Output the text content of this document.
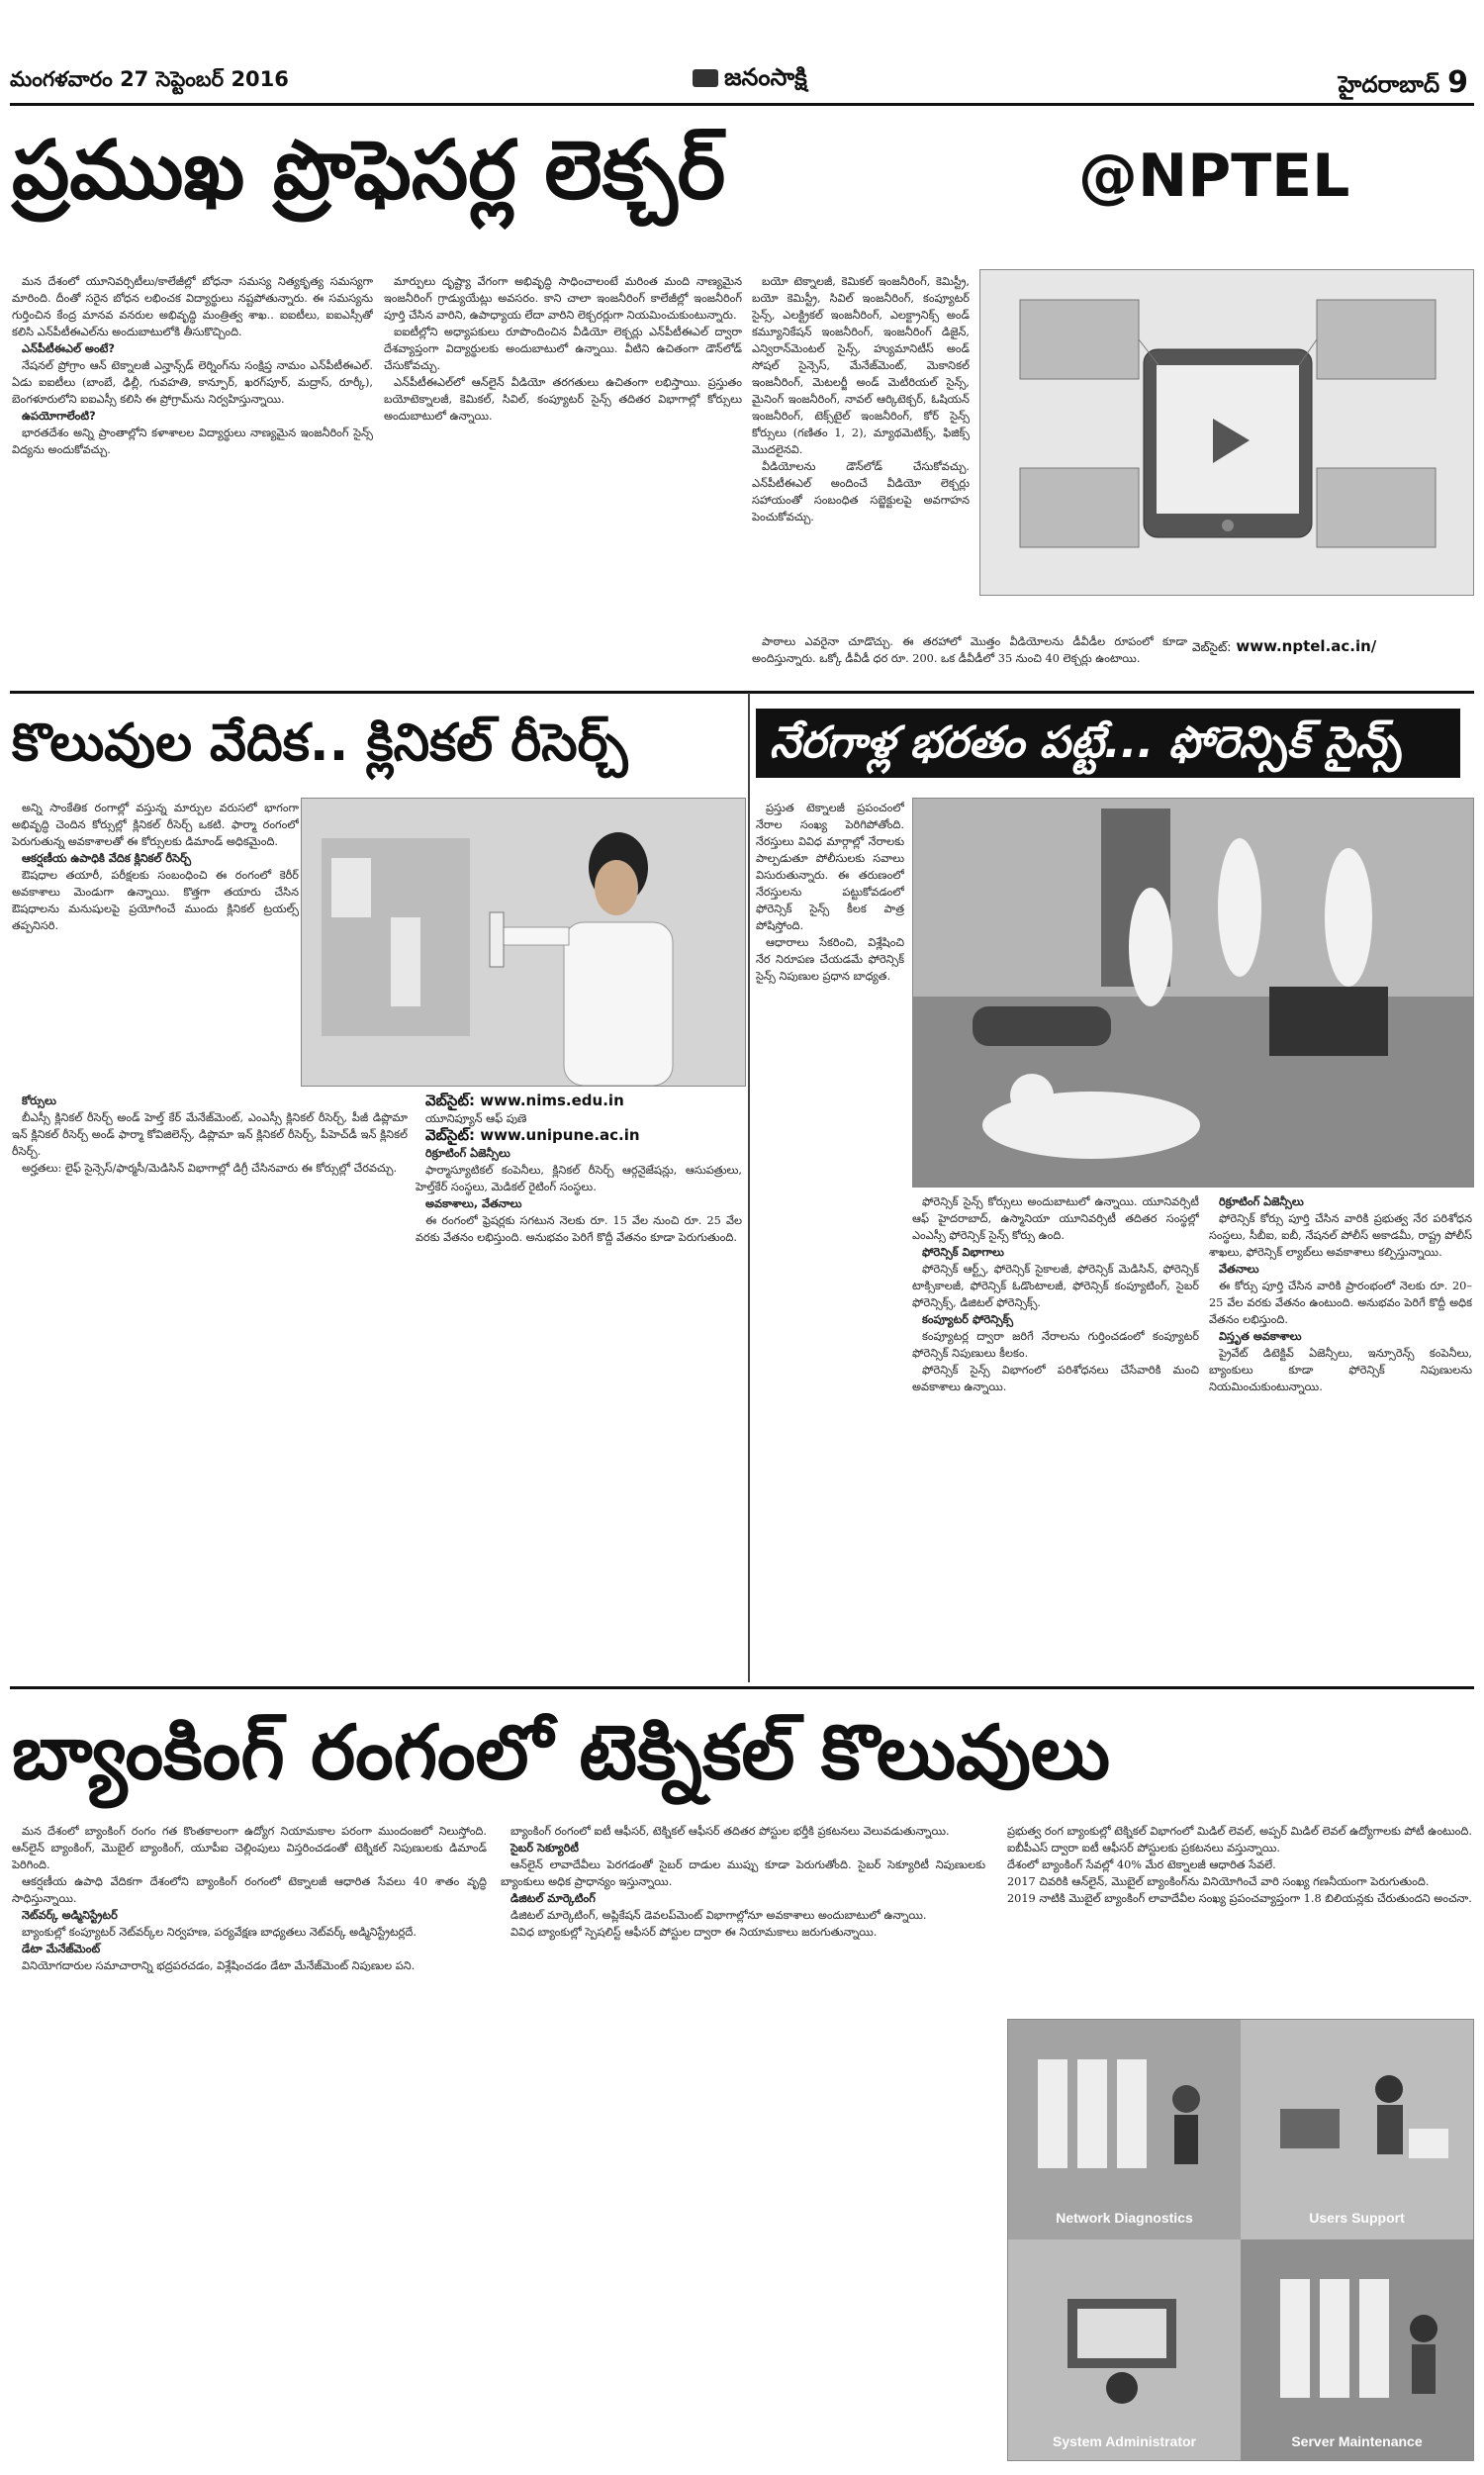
మంగళవారం 27 సెప్టెంబర్ 2016	జనంసాక్షి	హైదరాబాద్ 9
ప్రముఖ ప్రొఫెసర్ల లెక్చర్	@NPTEL

మన దేశంలో యూనివర్సిటీలు/కాలేజీల్లో బోధనా సమస్య నిత్యకృత్య సమస్యగా మారింది. దీంతో సరైన బోధన లభించక విద్యార్థులు నష్టపోతున్నారు. ఈ సమస్యను గుర్తించిన కేంద్ర మానవ వనరుల అభివృద్ధి మంత్రిత్వ శాఖ.. ఐఐటీలు, ఐఐఎస్సీతో కలిసి ఎన్‌పీటీఈఎల్‌ను అందుబాటులోకి తీసుకొచ్చింది.

ఎన్‌పీటీఈఎల్ అంటే?

నేషనల్ ప్రోగ్రాం ఆన్ టెక్నాలజీ ఎన్హాన్స్‌డ్ లెర్నింగ్‌ను సంక్షిప్త నామం ఎన్‌పీటీఈఎల్. ఏడు ఐఐటీలు (బాంబే, ఢిల్లీ, గువహతి, కాన్పూర్, ఖరగ్‌పూర్, మద్రాస్, రూర్కీ), బెంగళూరులోని ఐఐఎస్సీ కలిసి ఈ ప్రోగ్రామ్‌ను నిర్వహిస్తున్నాయి.

ఉపయోగాలేంటి?

భారతదేశం అన్ని ప్రాంతాల్లోని కళాశాలల విద్యార్థులు నాణ్యమైన ఇంజనీరింగ్ సైన్స్ విద్యను అందుకోవచ్చు.

మార్పులు దృష్ట్యా వేగంగా అభివృద్ధి సాధించాలంటే మరింత మంది నాణ్యమైన ఇంజనీరింగ్ గ్రాడ్యుయేట్లు అవసరం. కాని చాలా ఇంజనీరింగ్ కాలేజీల్లో ఇంజనీరింగ్ పూర్తి చేసిన వారిని, ఉపాధ్యాయ లేదా వారిని లెక్చరర్లుగా నియమించుకుంటున్నారు.

ఐఐటీల్లోని అధ్యాపకులు రూపొందించిన వీడియో లెక్చర్లు ఎన్‌పీటీఈఎల్ ద్వారా దేశవ్యాప్తంగా విద్యార్థులకు అందుబాటులో ఉన్నాయి. వీటిని ఉచితంగా డౌన్‌లోడ్ చేసుకోవచ్చు.

ఎన్‌పీటీఈఎల్‌లో ఆన్‌లైన్ వీడియో తరగతులు ఉచితంగా లభిస్తాయి. ప్రస్తుతం బయోటెక్నాలజీ, కెమికల్, సివిల్, కంప్యూటర్ సైన్స్ తదితర విభాగాల్లో కోర్సులు అందుబాటులో ఉన్నాయి.

బయో టెక్నాలజీ, కెమికల్ ఇంజనీరింగ్, కెమిస్ట్రీ, బయో కెమిస్ట్రీ, సివిల్ ఇంజనీరింగ్, కంప్యూటర్ సైన్స్, ఎలక్ట్రికల్ ఇంజనీరింగ్, ఎలక్ట్రానిక్స్ అండ్ కమ్యూనికేషన్ ఇంజనీరింగ్, ఇంజనీరింగ్ డిజైన్, ఎన్విరాన్‌మెంటల్ సైన్స్, హ్యుమానిటీస్ అండ్ సోషల్ సైన్సెస్, మేనేజ్‌మెంట్, మెకానికల్ ఇంజనీరింగ్, మెటలర్జీ అండ్ మెటీరియల్ సైన్స్, మైనింగ్ ఇంజనీరింగ్, నావల్ ఆర్కిటెక్చర్, ఓషియన్ ఇంజనీరింగ్, టెక్స్‌టైల్ ఇంజనీరింగ్, కోర్ సైన్స్ కోర్సులు (గణితం 1, 2), మ్యాథమెటిక్స్, ఫిజిక్స్ మొదలైనవి.

వీడియోలను డౌన్‌లోడ్ చేసుకోవచ్చు. ఎన్‌పీటీఈఎల్ అందించే వీడియో లెక్చర్లు సహాయంతో సంబంధిత సబ్జెక్టులపై అవగాహన పెంచుకోవచ్చు.

పాఠాలు ఎవరైనా చూడొచ్చు. ఈ తరహాలో మొత్తం వీడియోలను డీవీడీల రూపంలో కూడా అందిస్తున్నారు. ఒక్కో డీవీడీ ధర రూ. 200. ఒక డీవీడీలో 35 నుంచి 40 లెక్చర్లు ఉంటాయి.

వెబ్‌సైట్: www.nptel.ac.in/
కొలువుల వేదిక.. క్లినికల్ రీసెర్చ్

అన్ని సాంకేతిక రంగాల్లో వస్తున్న మార్పుల వరుసలో భాగంగా అభివృద్ధి చెందిన కోర్సుల్లో క్లినికల్ రీసెర్చ్ ఒకటి. ఫార్మా రంగంలో పెరుగుతున్న అవకాశాలతో ఈ కోర్సులకు డిమాండ్ అధికమైంది.

ఆకర్షణీయ ఉపాధికి వేదిక క్లినికల్ రీసెర్చ్

ఔషధాల తయారీ, పరీక్షలకు సంబంధించి ఈ రంగంలో కెరీర్ అవకాశాలు మెండుగా ఉన్నాయి. కొత్తగా తయారు చేసిన ఔషధాలను మనుషులపై ప్రయోగించే ముందు క్లినికల్ ట్రయల్స్ తప్పనిసరి.

కోర్సులు

బీఎస్సీ క్లినికల్ రీసెర్చ్ అండ్ హెల్త్ కేర్ మేనేజ్‌మెంట్, ఎంఎస్సీ క్లినికల్ రీసెర్చ్, పీజీ డిప్లొమా ఇన్ క్లినికల్ రీసెర్చ్ అండ్ ఫార్మా కోవిజిలెన్స్, డిప్లొమా ఇన్ క్లినికల్ రీసెర్చ్, పీహెచ్‌డీ ఇన్ క్లినికల్ రీసెర్చ్.

అర్హతలు: లైఫ్ సైన్సెస్/ఫార్మసీ/మెడిసిన్ విభాగాల్లో డిగ్రీ చేసినవారు ఈ కోర్సుల్లో చేరవచ్చు.

వెబ్‌సైట్: www.nims.edu.in

యూనిప్యూన్ ఆఫ్ పుణె

వెబ్‌సైట్: www.unipune.ac.in

రిక్రూటింగ్ ఏజెన్సీలు

ఫార్మాస్యూటికల్ కంపెనీలు, క్లినికల్ రీసెర్చ్ ఆర్గనైజేషన్లు, ఆసుపత్రులు, హెల్త్‌కేర్ సంస్థలు, మెడికల్ రైటింగ్ సంస్థలు.

అవకాశాలు, వేతనాలు

ఈ రంగంలో ఫ్రెషర్లకు సగటున నెలకు రూ. 15 వేల నుంచి రూ. 25 వేల వరకు వేతనం లభిస్తుంది. అనుభవం పెరిగే కొద్దీ వేతనం కూడా పెరుగుతుంది.

నేరగాళ్ల భరతం పట్టే... ఫోరెన్సిక్ సైన్స్

ప్రస్తుత టెక్నాలజీ ప్రపంచంలో నేరాల సంఖ్య పెరిగిపోతోంది. నేరస్తులు వివిధ మార్గాల్లో నేరాలకు పాల్పడుతూ పోలీసులకు సవాలు విసురుతున్నారు. ఈ తరుణంలో నేరస్తులను పట్టుకోవడంలో ఫోరెన్సిక్ సైన్స్ కీలక పాత్ర పోషిస్తోంది.

ఆధారాలు సేకరించి, విశ్లేషించి నేర నిరూపణ చేయడమే ఫోరెన్సిక్ సైన్స్ నిపుణుల ప్రధాన బాధ్యత.

ఫోరెన్సిక్ సైన్స్ కోర్సులు అందుబాటులో ఉన్నాయి. యూనివర్సిటీ ఆఫ్ హైదరాబాద్, ఉస్మానియా యూనివర్సిటీ తదితర సంస్థల్లో ఎంఎస్సీ ఫోరెన్సిక్ సైన్స్ కోర్సు ఉంది.

ఫోరెన్సిక్ విభాగాలు

ఫోరెన్సిక్ ఆర్ట్స్, ఫోరెన్సిక్ సైకాలజీ, ఫోరెన్సిక్ మెడిసిన్, ఫోరెన్సిక్ టాక్సికాలజీ, ఫోరెన్సిక్ ఓడొంటాలజీ, ఫోరెన్సిక్ కంప్యూటింగ్, సైబర్ ఫోరెన్సిక్స్, డిజిటల్ ఫోరెన్సిక్స్.

కంప్యూటర్ ఫోరెన్సిక్స్

కంప్యూటర్ల ద్వారా జరిగే నేరాలను గుర్తించడంలో కంప్యూటర్ ఫోరెన్సిక్ నిపుణులు కీలకం.

ఫోరెన్సిక్ సైన్స్ విభాగంలో పరిశోధనలు చేసేవారికి మంచి అవకాశాలు ఉన్నాయి.

రిక్రూటింగ్ ఏజెన్సీలు

ఫోరెన్సిక్ కోర్సు పూర్తి చేసిన వారికి ప్రభుత్వ నేర పరిశోధన సంస్థలు, సీబీఐ, ఐబీ, నేషనల్ పోలీస్ అకాడమీ, రాష్ట్ర పోలీస్ శాఖలు, ఫోరెన్సిక్ ల్యాబ్‌లు అవకాశాలు కల్పిస్తున్నాయి.

వేతనాలు

ఈ కోర్సు పూర్తి చేసిన వారికి ప్రారంభంలో నెలకు రూ. 20–25 వేల వరకు వేతనం ఉంటుంది. అనుభవం పెరిగే కొద్దీ అధిక వేతనం లభిస్తుంది.

విస్తృత అవకాశాలు

ప్రైవేట్ డిటెక్టివ్ ఏజెన్సీలు, ఇన్సూరెన్స్ కంపెనీలు, బ్యాంకులు కూడా ఫోరెన్సిక్ నిపుణులను నియమించుకుంటున్నాయి.

బ్యాంకింగ్ రంగంలో టెక్నికల్ కొలువులు

మన దేశంలో బ్యాంకింగ్ రంగం గత కొంతకాలంగా ఉద్యోగ నియామకాల పరంగా ముందంజలో నిలుస్తోంది. ఆన్‌లైన్ బ్యాంకింగ్, మొబైల్ బ్యాంకింగ్, యూపీఐ చెల్లింపులు విస్తరించడంతో టెక్నికల్ నిపుణులకు డిమాండ్ పెరిగింది.

ఆకర్షణీయ ఉపాధి వేదికగా దేశంలోని బ్యాంకింగ్ రంగంలో టెక్నాలజీ ఆధారిత సేవలు 40 శాతం వృద్ధి సాధిస్తున్నాయి.

నెట్‌వర్క్ అడ్మినిస్ట్రేటర్

బ్యాంకుల్లో కంప్యూటర్ నెట్‌వర్క్‌ల నిర్వహణ, పర్యవేక్షణ బాధ్యతలు నెట్‌వర్క్ అడ్మినిస్ట్రేటర్లదే.

డేటా మేనేజ్‌మెంట్

వినియోగదారుల సమాచారాన్ని భద్రపరచడం, విశ్లేషించడం డేటా మేనేజ్‌మెంట్ నిపుణుల పని.

బ్యాంకింగ్ రంగంలో ఐటీ ఆఫీసర్, టెక్నికల్ ఆఫీసర్ తదితర పోస్టుల భర్తీకి ప్రకటనలు వెలువడుతున్నాయి.

సైబర్ సెక్యూరిటీ

ఆన్‌లైన్ లావాదేవీలు పెరగడంతో సైబర్ దాడుల ముప్పు కూడా పెరుగుతోంది. సైబర్ సెక్యూరిటీ నిపుణులకు బ్యాంకులు అధిక ప్రాధాన్యం ఇస్తున్నాయి.

డిజిటల్ మార్కెటింగ్

డిజిటల్ మార్కెటింగ్, అప్లికేషన్ డెవలప్‌మెంట్ విభాగాల్లోనూ అవకాశాలు అందుబాటులో ఉన్నాయి.

వివిధ బ్యాంకుల్లో స్పెషలిస్ట్ ఆఫీసర్ పోస్టుల ద్వారా ఈ నియామకాలు జరుగుతున్నాయి.

ప్రభుత్వ రంగ బ్యాంకుల్లో టెక్నికల్ విభాగంలో మిడిల్ లెవల్, అప్పర్ మిడిల్ లెవల్ ఉద్యోగాలకు పోటీ ఉంటుంది.

ఐబీపీఎస్ ద్వారా ఐటీ ఆఫీసర్ పోస్టులకు ప్రకటనలు వస్తున్నాయి.

దేశంలో బ్యాంకింగ్ సేవల్లో 40% మేర టెక్నాలజీ ఆధారిత సేవలే.

2017 చివరికి ఆన్‌లైన్, మొబైల్ బ్యాంకింగ్‌ను వినియోగించే వారి సంఖ్య గణనీయంగా పెరుగుతుంది.

2019 నాటికి మొబైల్ బ్యాంకింగ్ లావాదేవీల సంఖ్య ప్రపంచవ్యాప్తంగా 1.8 బిలియన్లకు చేరుతుందని అంచనా.

Network Diagnostics	Users Support
System Administrator	Server Maintenance
